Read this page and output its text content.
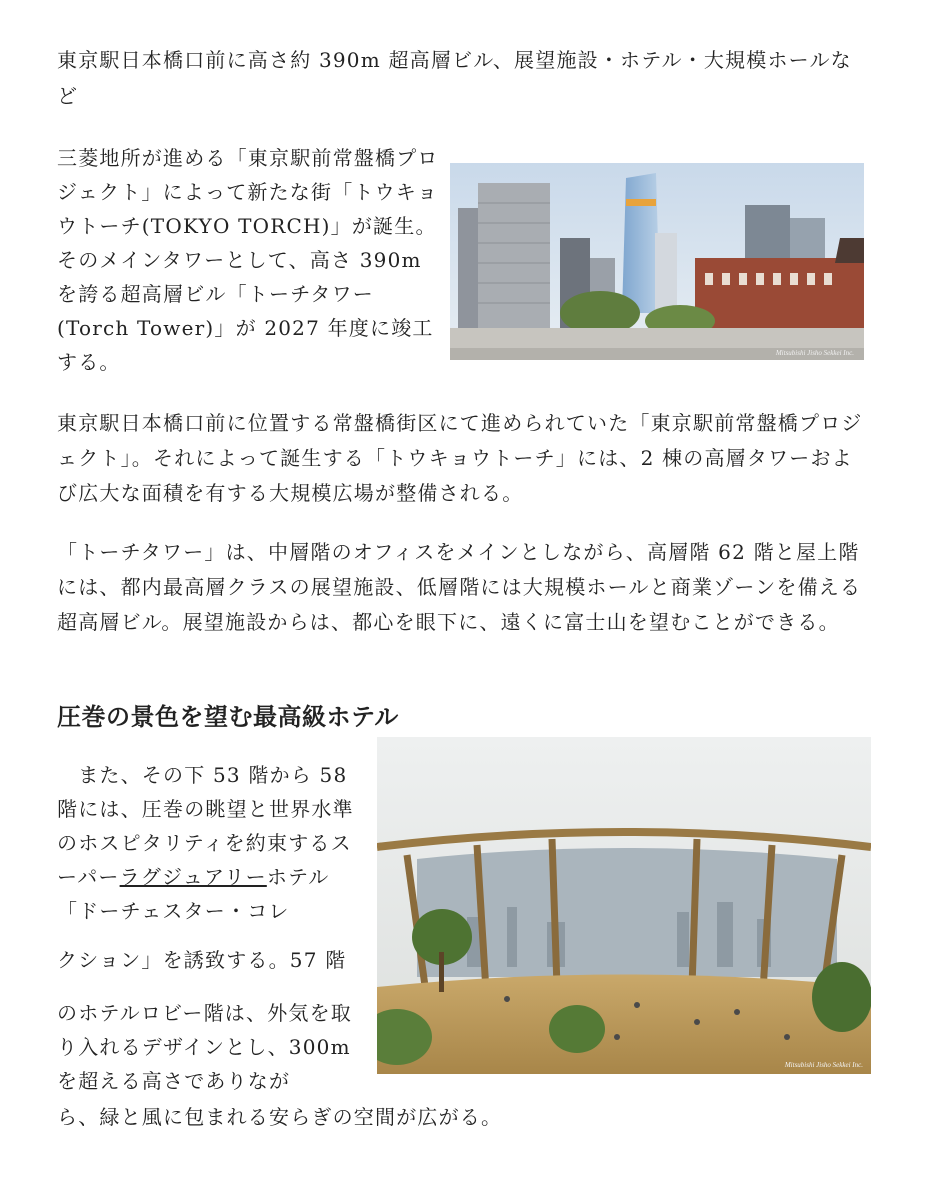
東京駅日本橋口前に高さ約 390m 超高層ビル、展望施設・ホテル・大規模ホールなど

三菱地所が進める「東京駅前常盤橋プロジェクト」によって新たな街「トウキョウトーチ(TOKYO TORCH)」が誕生。そのメインタワーとして、高さ 390m を誇る超高層ビル「トーチタワー(Torch Tower)」が 2027 年度に竣工する。	Mitsubishi Jisho Sekkei Inc.

東京駅日本橋口前に位置する常盤橋街区にて進められていた「東京駅前常盤橋プロジェクト」。それによって誕生する「トウキョウトーチ」には、2 棟の高層タワーおよび広大な面積を有する大規模広場が整備される。

「トーチタワー」は、中層階のオフィスをメインとしながら、高層階 62 階と屋上階には、都内最高層クラスの展望施設、低層階には大規模ホールと商業ゾーンを備える超高層ビル。展望施設からは、都心を眼下に、遠くに富士山を望むことができる。

圧巻の景色を望む最高級ホテル

　また、その下 53 階から 58 階には、圧巻の眺望と世界水準のホスピタリティを約束するスーパーラグジュアリーホテル「ドーチェスター・コレ

クション」を誘致する。57 階

のホテルロビー階は、外気を取り入れるデザインとし、300m を超える高さでありなが

ら、緑と風に包まれる安らぎの空間が広がる。

Mitsubishi Jisho Sekkei Inc.
